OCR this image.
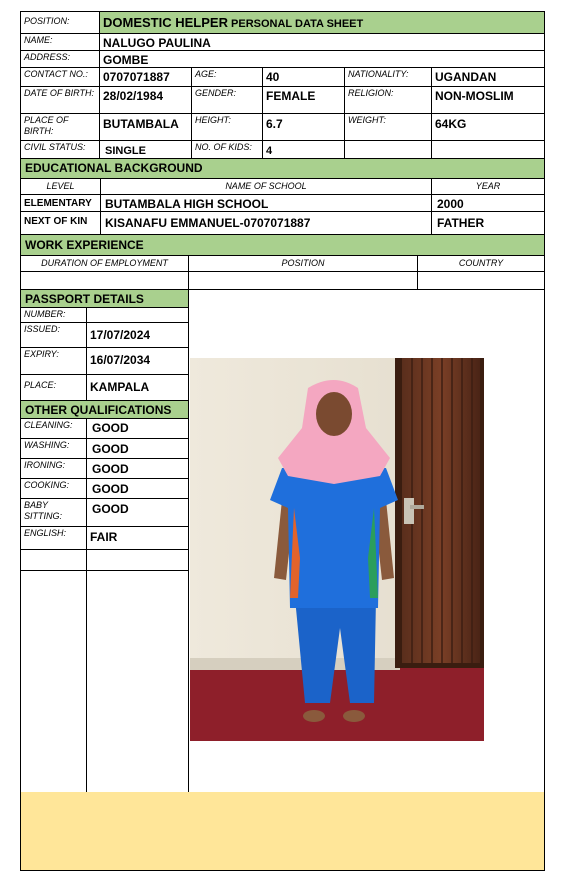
POSITION:	DOMESTIC HELPER PERSONAL DATA SHEET
NAME:	NALUGO PAULINA
ADDRESS:	GOMBE
CONTACT NO.:	0707071887	AGE:	40	NATIONALITY:	UGANDAN
DATE OF BIRTH: 28/02/1984	GENDER:	FEMALE	RELIGION:	NON-MOSLIM
PLACE OF BIRTH:	BUTAMBALA	HEIGHT:	6.7	WEIGHT:	64KG
CIVIL STATUS:	SINGLE	NO. OF KIDS:	4
EDUCATIONAL BACKGROUND
LEVEL	NAME OF SCHOOL	YEAR
ELEMENTARY	BUTAMBALA HIGH SCHOOL	2000
NEXT OF KIN	KISANAFU EMMANUEL-0707071887	FATHER
WORK EXPERIENCE
DURATION OF EMPLOYMENT	POSITION	COUNTRY
PASSPORT DETAILS
NUMBER:
ISSUED:	17/07/2024
EXPIRY:	16/07/2034
PLACE:	KAMPALA
OTHER QUALIFICATIONS
CLEANING:	GOOD
WASHING:	GOOD
IRONING:	GOOD
COOKING:	GOOD
BABY SITTING:	GOOD
ENGLISH:	FAIR
